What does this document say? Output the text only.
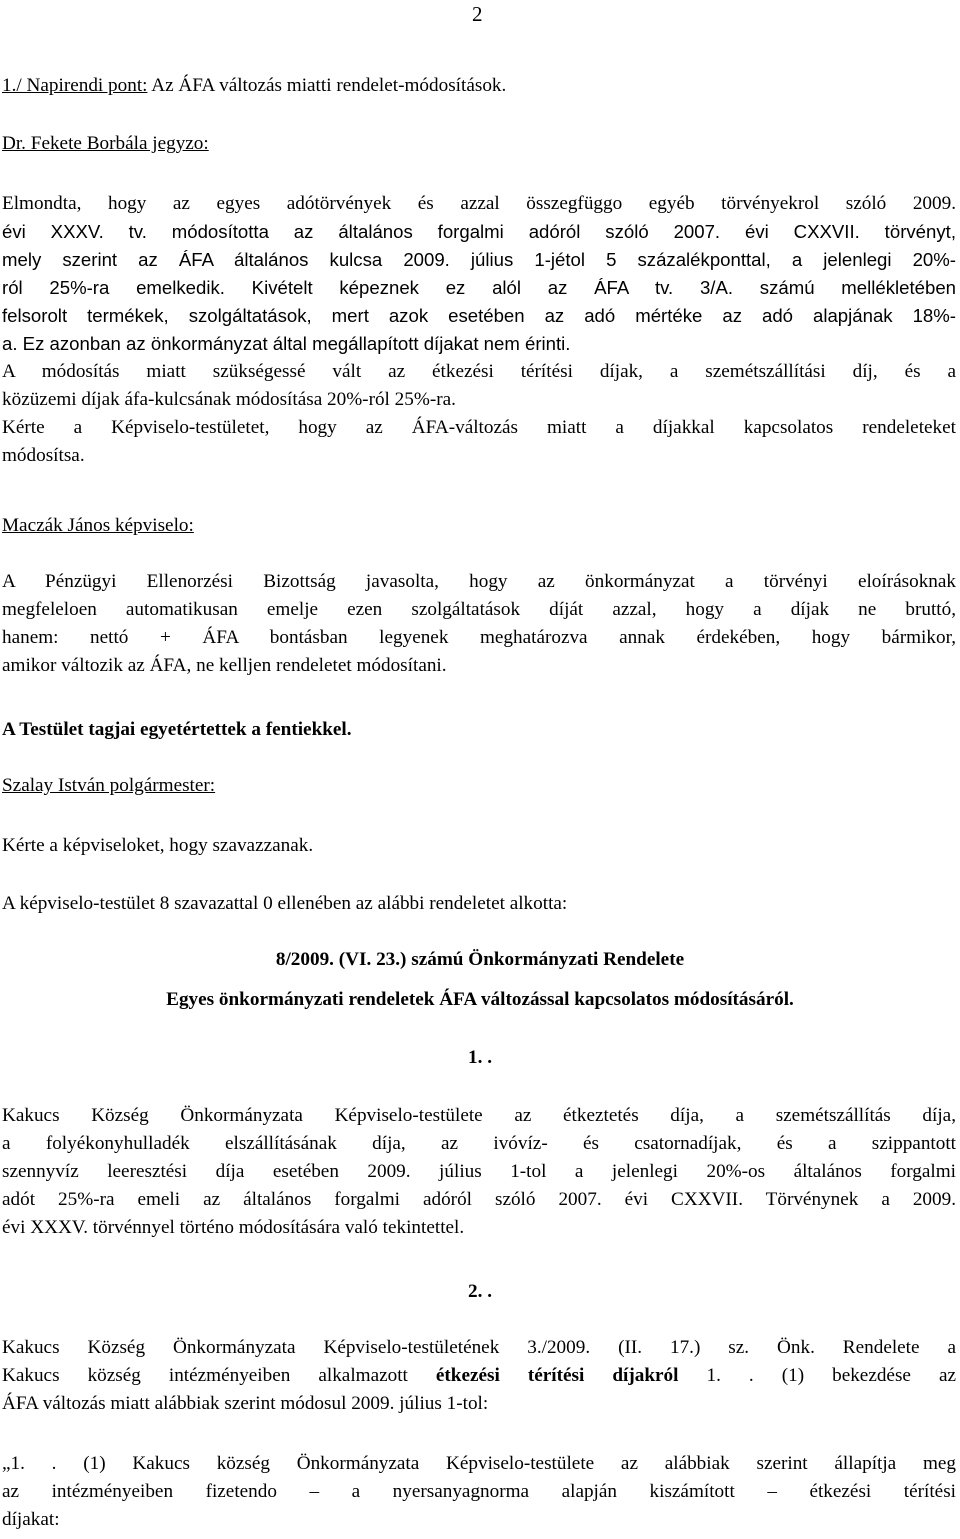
2

1./ Napirendi pont: Az ÁFA változás miatti rendelet-módosítások.

Dr. Fekete Borbála jegyzo:

Elmondta, hogy az egyes adótörvények és azzal összegfüggo egyéb törvényekrol szóló 2009.
évi XXXV. tv. módosította az általános forgalmi adóról szóló 2007. évi CXXVII. törvényt,
mely szerint az ÁFA általános kulcsa 2009. július 1-jétol 5 százalékponttal, a jelenlegi 20%-
ról 25%-ra emelkedik. Kivételt képeznek ez alól az ÁFA tv. 3/A. számú mellékletében
felsorolt termékek, szolgáltatások, mert azok esetében az adó mértéke az adó alapjának 18%-
a. Ez azonban az önkormányzat által megállapított díjakat nem érinti.
A módosítás miatt szükségessé vált az étkezési térítési díjak, a szemétszállítási díj, és a
közüzemi díjak áfa-kulcsának módosítása 20%-ról 25%-ra.
Kérte a Képviselo-testületet, hogy az ÁFA-változás miatt a díjakkal kapcsolatos rendeleteket
módosítsa.

Maczák János képviselo:

A Pénzügyi Ellenorzési Bizottság javasolta, hogy az önkormányzat a törvényi eloírásoknak
megfeleloen automatikusan emelje ezen szolgáltatások díját azzal, hogy a díjak ne bruttó,
hanem: nettó + ÁFA bontásban legyenek meghatározva annak érdekében, hogy bármikor,
amikor változik az ÁFA, ne kelljen rendeletet módosítani.

A Testület tagjai egyetértettek a fentiekkel.

Szalay István polgármester:

Kérte a képviseloket, hogy szavazzanak.

A képviselo-testület 8 szavazattal 0 ellenében az alábbi rendeletet alkotta:

8/2009. (VI. 23.) számú Önkormányzati Rendelete

Egyes önkormányzati rendeletek ÁFA változással kapcsolatos módosításáról.

1. .

Kakucs Község Önkormányzata Képviselo-testülete az étkeztetés díja, a szemétszállítás díja,
a folyékonyhulladék elszállításának díja, az ivóvíz- és csatornadíjak, és a szippantott
szennyvíz leeresztési díja esetében 2009. július 1-tol a jelenlegi 20%-os általános forgalmi
adót 25%-ra emeli az általános forgalmi adóról szóló 2007. évi CXXVII. Törvénynek a 2009.
évi XXXV. törvénnyel történo módosítására való tekintettel.

2. .

Kakucs Község Önkormányzata Képviselo-testületének 3./2009. (II. 17.) sz. Önk. Rendelete a
Kakucs község intézményeiben alkalmazott étkezési térítési díjakról 1. . (1) bekezdése az
ÁFA változás miatt alábbiak szerint módosul 2009. július 1-tol:
„1. . (1) Kakucs község Önkormányzata Képviselo-testülete az alábbiak szerint állapítja meg
az intézményeiben fizetendo – a nyersanyagnorma alapján kiszámított – étkezési térítési
díjakat:
